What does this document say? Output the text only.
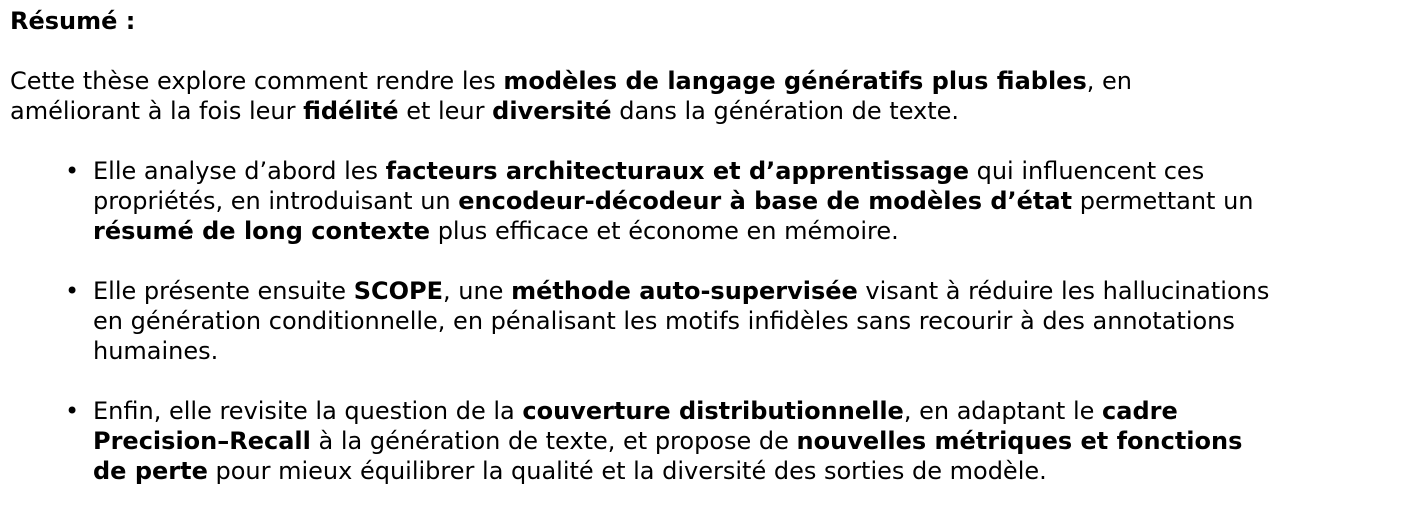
Résumé :

Cette thèse explore comment rendre les modèles de langage génératifs plus fiables, en
améliorant à la fois leur fidélité et leur diversité dans la génération de texte.

• Elle analyse d’abord les facteurs architecturaux et d’apprentissage qui influencent ces
propriétés, en introduisant un encodeur-décodeur à base de modèles d’état permettant un
résumé de long contexte plus efficace et économe en mémoire.
• Elle présente ensuite SCOPE, une méthode auto-supervisée visant à réduire les hallucinations
en génération conditionnelle, en pénalisant les motifs infidèles sans recourir à des annotations
humaines.
• Enfin, elle revisite la question de la couverture distributionnelle, en adaptant le cadre
Precision–Recall à la génération de texte, et propose de nouvelles métriques et fonctions
de perte pour mieux équilibrer la qualité et la diversité des sorties de modèle.
